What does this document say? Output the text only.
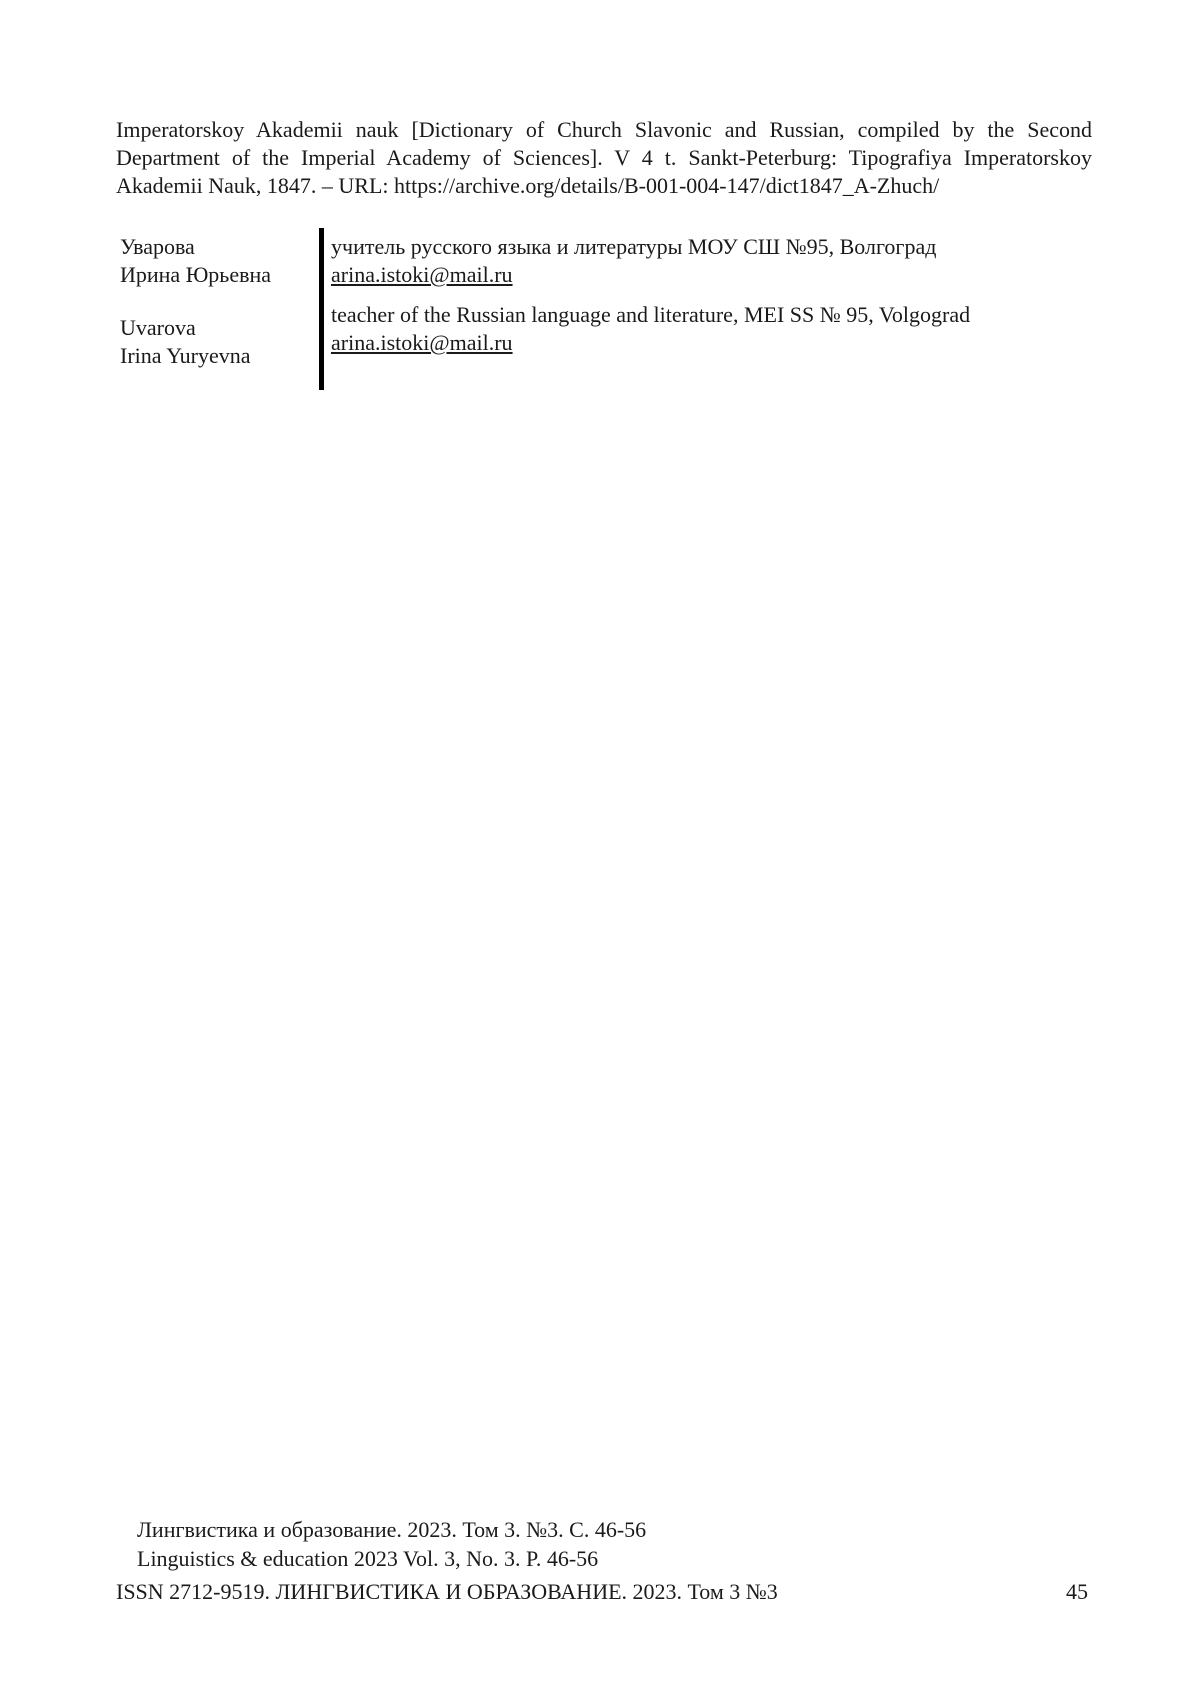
Imperatorskoy Akademii nauk [Dictionary of Church Slavonic and Russian, compiled by the Second Department of the Imperial Academy of Sciences]. V 4 t. Sankt-Peterburg: Tipografiya Imperatorskoy Akademii Nauk, 1847. – URL: https://archive.org/details/B-001-004-147/dict1847_A-Zhuch/

Уварова
Ирина Юрьевна
Uvarova
Irina Yuryevna
учитель русского языка и литературы МОУ СШ №95, Волгоград
arina.istoki@mail.ru
teacher of the Russian language and literature, MEI SS № 95, Volgograd
arina.istoki@mail.ru
Лингвистика и образование. 2023. Том 3. №3. С. 46-56
Linguistics & education 2023 Vol. 3, No. 3. P. 46-56
ISSN 2712-9519. ЛИНГВИСТИКА И ОБРАЗОВАНИЕ. 2023. Том 3 №3	45
